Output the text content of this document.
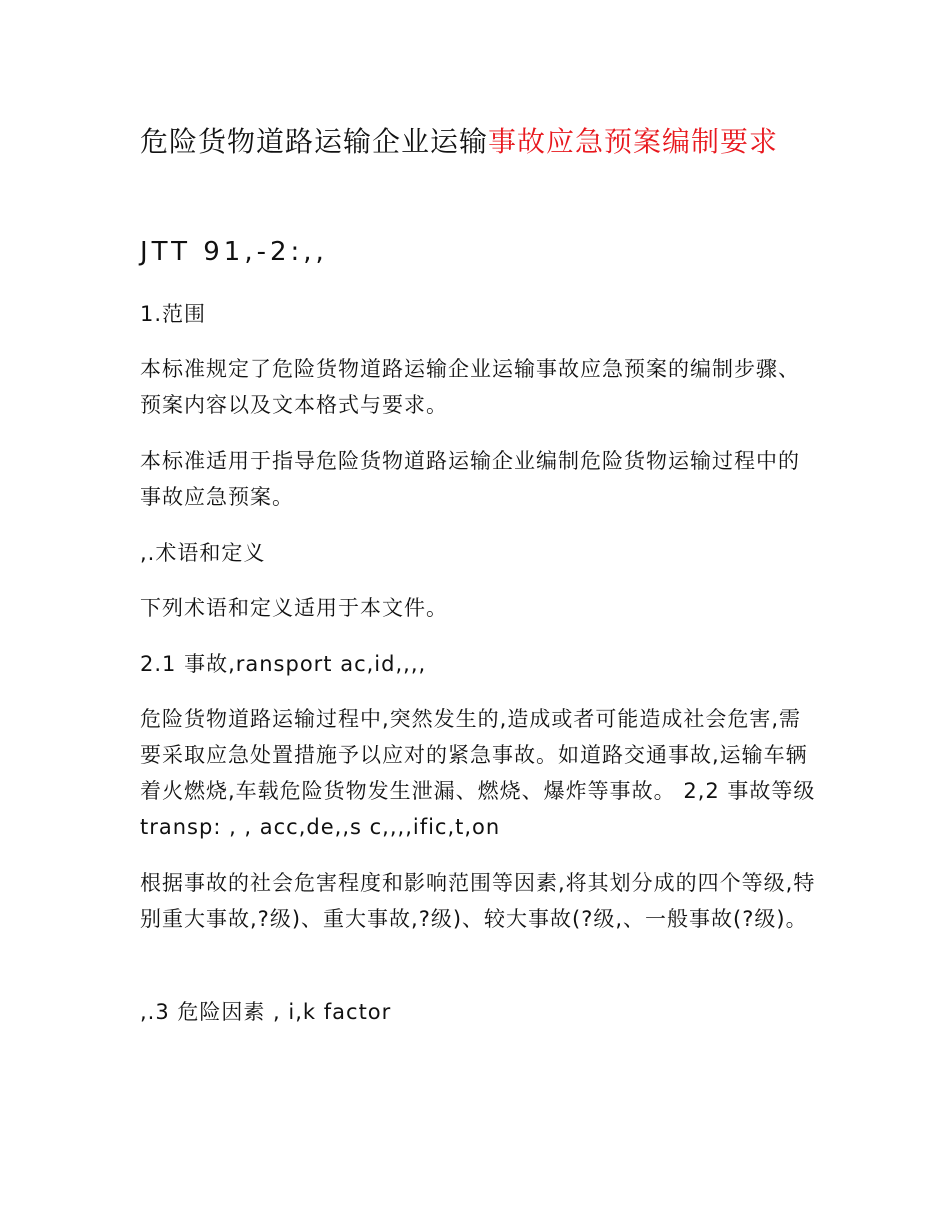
危险货物道路运输企业运输事故应急预案编制要求

JTT 91,-2:,,

1.范围

本标准规定了危险货物道路运输企业运输事故应急预案的编制步骤、预案内容以及文本格式与要求。

本标准适用于指导危险货物道路运输企业编制危险货物运输过程中的事故应急预案。

,.术语和定义

下列术语和定义适用于本文件。

2.1 事故,ransport ac,id,,,,

危险货物道路运输过程中,突然发生的,造成或者可能造成社会危害,需要采取应急处置措施予以应对的紧急事故。如道路交通事故,运输车辆着火燃烧,车载危险货物发生泄漏、燃烧、爆炸等事故。 2,2 事故等级 transp: , , acc,de,,s c,,,,ific,t,on

根据事故的社会危害程度和影响范围等因素,将其划分成的四个等级,特别重大事故,?级)、重大事故,?级)、较大事故(?级,、一般事故(?级)。

,.3 危险因素 , i,k factor
